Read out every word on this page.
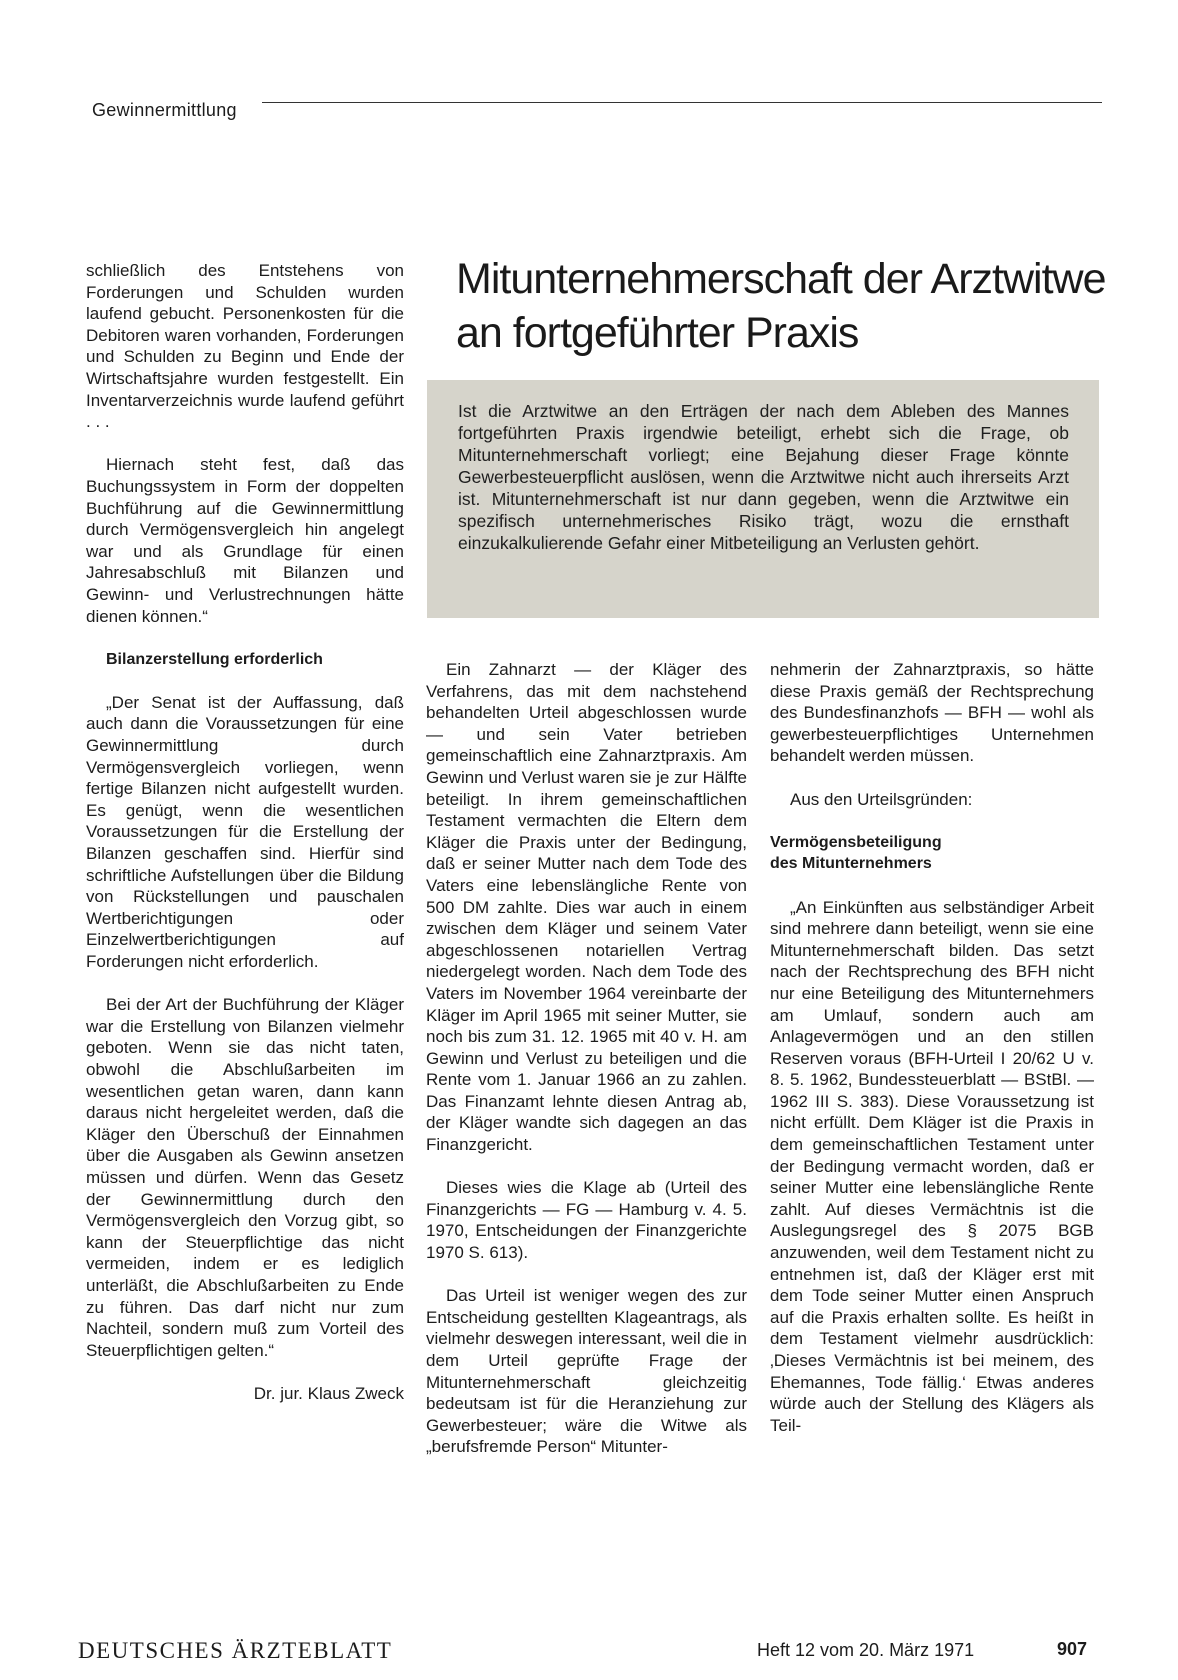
Gewinnermittlung

schließlich des Entstehens von Forderungen und Schulden wurden laufend gebucht. Personenkosten für die Debitoren waren vorhanden, Forderungen und Schulden zu Beginn und Ende der Wirtschaftsjahre wurden festgestellt. Ein Inventarverzeichnis wurde laufend geführt . . .

Hiernach steht fest, daß das Buchungssystem in Form der doppelten Buchführung auf die Gewinnermittlung durch Vermögensvergleich hin angelegt war und als Grundlage für einen Jahresabschluß mit Bilanzen und Gewinn- und Verlustrechnungen hätte dienen können.“

Bilanzerstellung erforderlich

„Der Senat ist der Auffassung, daß auch dann die Voraussetzungen für eine Gewinnermittlung durch Vermögensvergleich vorliegen, wenn fertige Bilanzen nicht aufgestellt wurden. Es genügt, wenn die wesentlichen Voraussetzungen für die Erstellung der Bilanzen geschaffen sind. Hierfür sind schriftliche Aufstellungen über die Bildung von Rückstellungen und pauschalen Wertberichtigungen oder Einzelwertberichtigungen auf Forderungen nicht erforderlich.

Bei der Art der Buchführung der Kläger war die Erstellung von Bilanzen vielmehr geboten. Wenn sie das nicht taten, obwohl die Abschlußarbeiten im wesentlichen getan waren, dann kann daraus nicht hergeleitet werden, daß die Kläger den Überschuß der Einnahmen über die Ausgaben als Gewinn ansetzen müssen und dürfen. Wenn das Gesetz der Gewinnermittlung durch den Vermögensvergleich den Vorzug gibt, so kann der Steuerpflichtige das nicht vermeiden, indem er es lediglich unterläßt, die Abschlußarbeiten zu Ende zu führen. Das darf nicht nur zum Nachteil, sondern muß zum Vorteil des Steuerpflichtigen gelten.“

Dr. jur. Klaus Zweck

Mitunternehmerschaft der Arztwitwe an fortgeführter Praxis
Ist die Arztwitwe an den Erträgen der nach dem Ableben des Mannes fortgeführten Praxis irgendwie beteiligt, erhebt sich die Frage, ob Mitunternehmerschaft vorliegt; eine Bejahung dieser Frage könnte Gewerbesteuerpflicht auslösen, wenn die Arztwitwe nicht auch ihrerseits Arzt ist. Mitunternehmerschaft ist nur dann gegeben, wenn die Arztwitwe ein spezifisch unternehmerisches Risiko trägt, wozu die ernsthaft einzukalkulierende Gefahr einer Mitbeteiligung an Verlusten gehört.

Ein Zahnarzt — der Kläger des Verfahrens, das mit dem nachstehend behandelten Urteil abgeschlossen wurde — und sein Vater betrieben gemeinschaftlich eine Zahnarztpraxis. Am Gewinn und Verlust waren sie je zur Hälfte beteiligt. In ihrem gemeinschaftlichen Testament vermachten die Eltern dem Kläger die Praxis unter der Bedingung, daß er seiner Mutter nach dem Tode des Vaters eine lebenslängliche Rente von 500 DM zahlte. Dies war auch in einem zwischen dem Kläger und seinem Vater abgeschlossenen notariellen Vertrag niedergelegt worden. Nach dem Tode des Vaters im November 1964 vereinbarte der Kläger im April 1965 mit seiner Mutter, sie noch bis zum 31. 12. 1965 mit 40 v. H. am Gewinn und Verlust zu beteiligen und die Rente vom 1. Januar 1966 an zu zahlen. Das Finanzamt lehnte diesen Antrag ab, der Kläger wandte sich dagegen an das Finanzgericht.

Dieses wies die Klage ab (Urteil des Finanzgerichts — FG — Hamburg v. 4. 5. 1970, Entscheidungen der Finanzgerichte 1970 S. 613).

Das Urteil ist weniger wegen des zur Entscheidung gestellten Klageantrags, als vielmehr deswegen interessant, weil die in dem Urteil geprüfte Frage der Mitunternehmerschaft gleichzeitig bedeutsam ist für die Heranziehung zur Gewerbesteuer; wäre die Witwe als „berufsfremde Person“ Mitunter-

nehmerin der Zahnarztpraxis, so hätte diese Praxis gemäß der Rechtsprechung des Bundesfinanzhofs — BFH — wohl als gewerbesteuerpflichtiges Unternehmen behandelt werden müssen.

Aus den Urteilsgründen:

Vermögensbeteiligung des Mitunternehmers

„An Einkünften aus selbständiger Arbeit sind mehrere dann beteiligt, wenn sie eine Mitunternehmerschaft bilden. Das setzt nach der Rechtsprechung des BFH nicht nur eine Beteiligung des Mitunternehmers am Umlauf, sondern auch am Anlagevermögen und an den stillen Reserven voraus (BFH-Urteil I 20/62 U v. 8. 5. 1962, Bundessteuerblatt — BStBl. — 1962 III S. 383). Diese Voraussetzung ist nicht erfüllt. Dem Kläger ist die Praxis in dem gemeinschaftlichen Testament unter der Bedingung vermacht worden, daß er seiner Mutter eine lebenslängliche Rente zahlt. Auf dieses Vermächtnis ist die Auslegungsregel des § 2075 BGB anzuwenden, weil dem Testament nicht zu entnehmen ist, daß der Kläger erst mit dem Tode seiner Mutter einen Anspruch auf die Praxis erhalten sollte. Es heißt in dem Testament vielmehr ausdrücklich: ‚Dieses Vermächtnis ist bei meinem, des Ehemannes, Tode fällig.‘ Etwas anderes würde auch der Stellung des Klägers als Teil-

DEUTSCHES ÄRZTEBLATT	Heft 12 vom 20. März 1971	907
